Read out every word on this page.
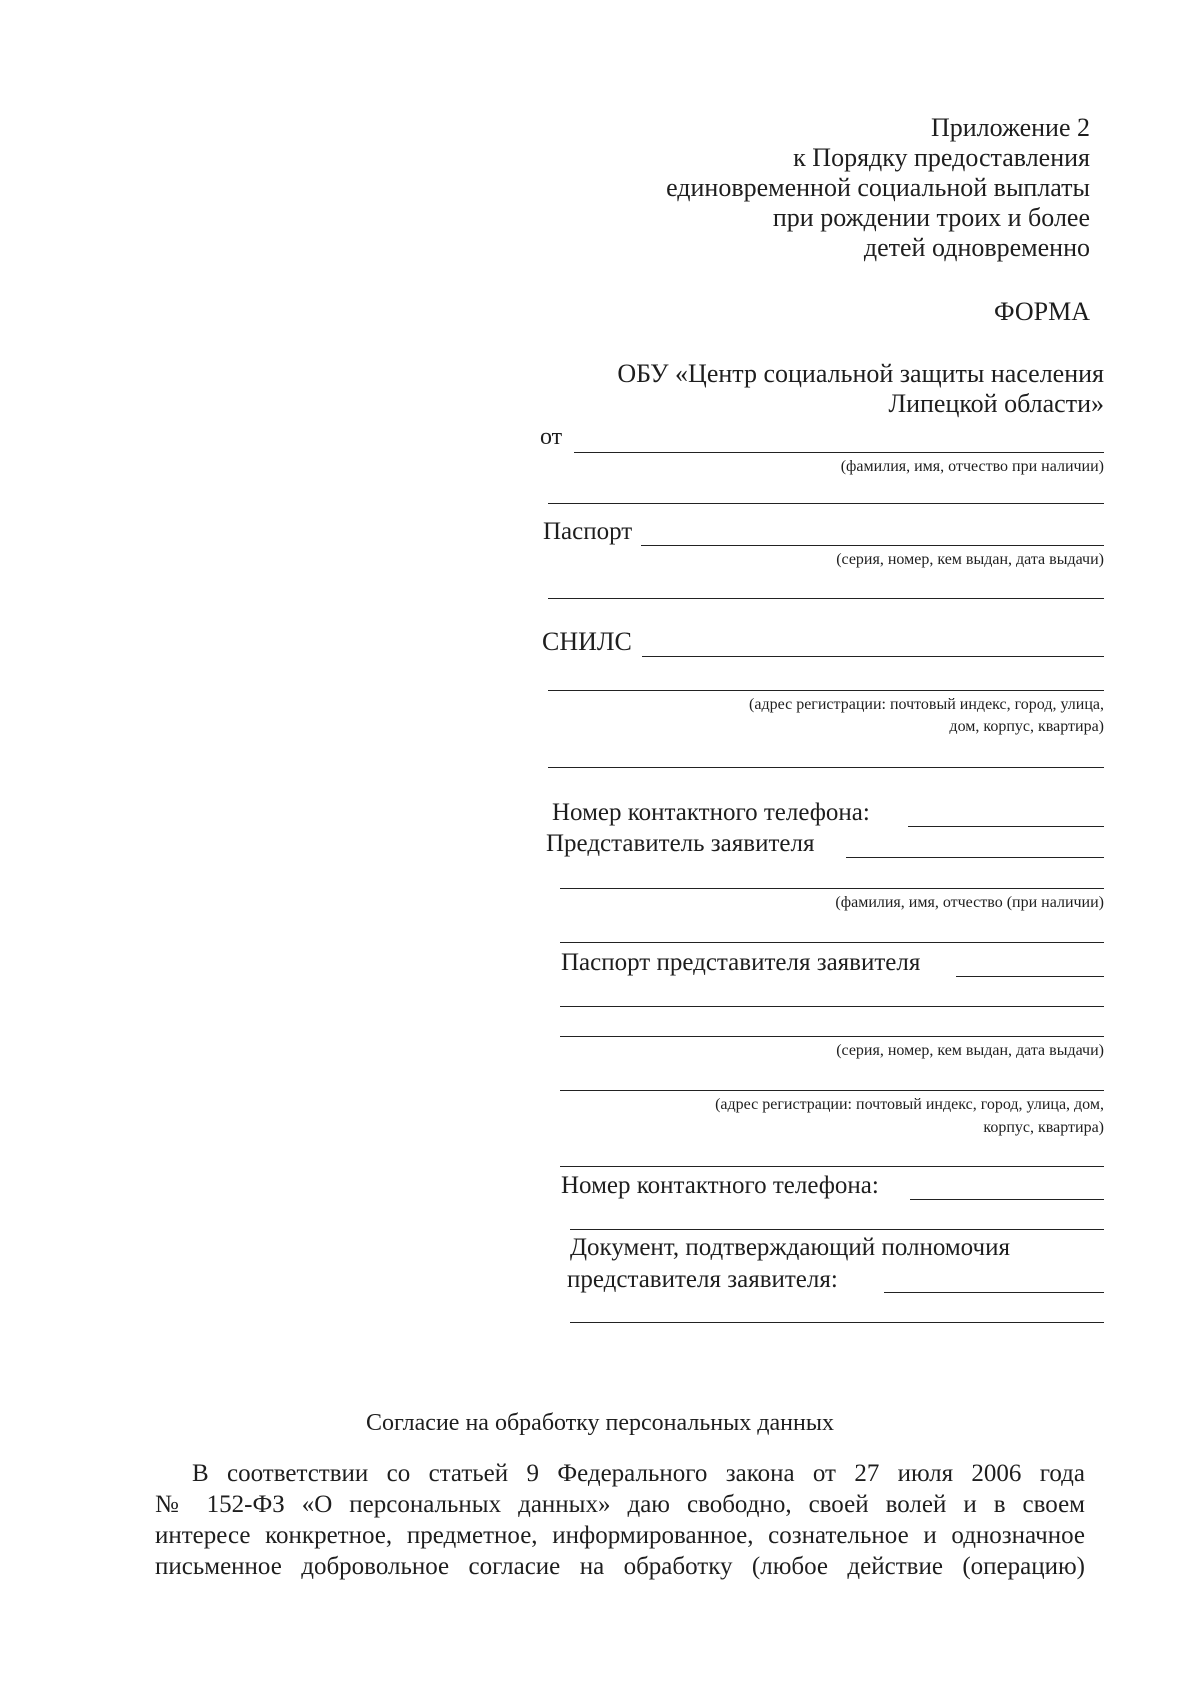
Приложение 2
к Порядку предоставления
единовременной социальной выплаты
при рождении троих и более
детей одновременно
ФОРМА
ОБУ «Центр социальной защиты населения
Липецкой области»
от
(фамилия, имя, отчество при наличии)
Паспорт
(серия, номер, кем выдан, дата выдачи)
СНИЛС
(адрес регистрации: почтовый индекс, город, улица,
дом, корпус, квартира)
Номер контактного телефона:
Представитель заявителя
(фамилия, имя, отчество (при наличии)
Паспорт представителя заявителя
(серия, номер, кем выдан, дата выдачи)
(адрес регистрации: почтовый индекс, город, улица, дом,
корпус, квартира)
Номер контактного телефона:
Документ, подтверждающий полномочия
представителя заявителя:
Согласие на обработку персональных данных
В соответствии со статьей 9 Федерального закона от 27 июля 2006 года
№ 152-ФЗ «О персональных данных» даю свободно, своей волей и в своем
интересе конкретное, предметное, информированное, сознательное и однозначное
письменное добровольное согласие на обработку (любое действие (операцию)
